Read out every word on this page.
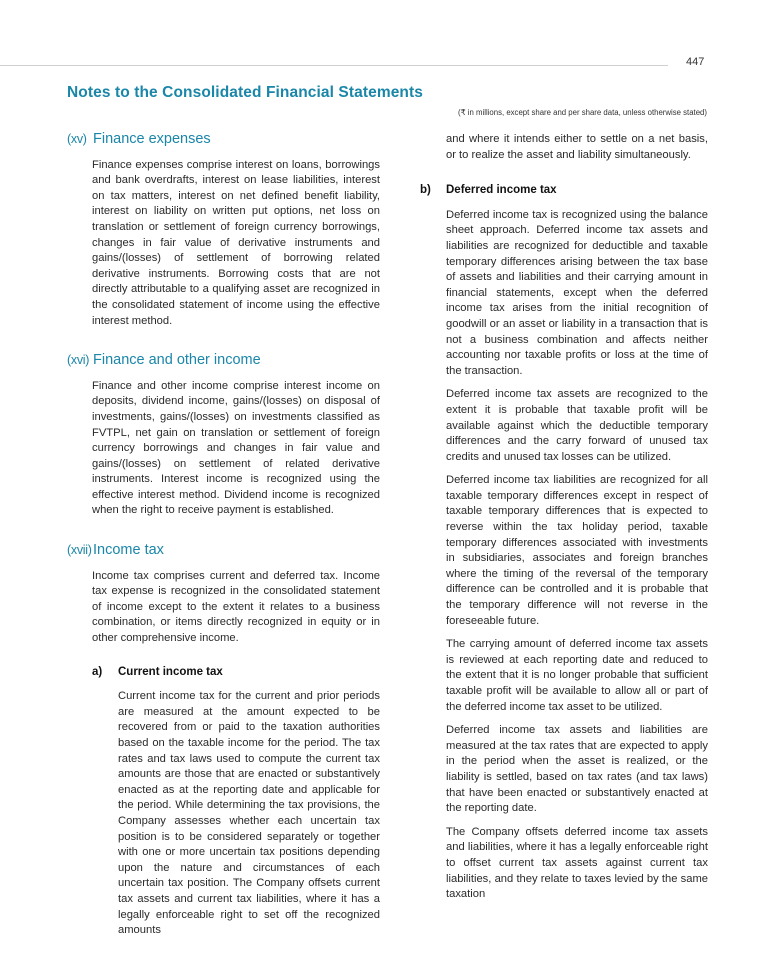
447
Notes to the Consolidated Financial Statements
(₹ in millions, except share and per share data, unless otherwise stated)
(xv) Finance expenses

Finance expenses comprise interest on loans, borrowings and bank overdrafts, interest on lease liabilities, interest on tax matters, interest on net defined benefit liability, interest on liability on written put options, net loss on translation or settlement of foreign currency borrowings, changes in fair value of derivative instruments and gains/(losses) of settlement of borrowing related derivative instruments. Borrowing costs that are not directly attributable to a qualifying asset are recognized in the consolidated statement of income using the effective interest method.

(xvi) Finance and other income

Finance and other income comprise interest income on deposits, dividend income, gains/(losses) on disposal of investments, gains/(losses) on investments classified as FVTPL, net gain on translation or settlement of foreign currency borrowings and changes in fair value and gains/(losses) on settlement of related derivative instruments. Interest income is recognized using the effective interest method. Dividend income is recognized when the right to receive payment is established.

(xvii) Income tax

Income tax comprises current and deferred tax. Income tax expense is recognized in the consolidated statement of income except to the extent it relates to a business combination, or items directly recognized in equity or in other comprehensive income.

a)	Current income tax

Current income tax for the current and prior periods are measured at the amount expected to be recovered from or paid to the taxation authorities based on the taxable income for the period. The tax rates and tax laws used to compute the current tax amounts are those that are enacted or substantively enacted as at the reporting date and applicable for the period. While determining the tax provisions, the Company assesses whether each uncertain tax position is to be considered separately or together with one or more uncertain tax positions depending upon the nature and circumstances of each uncertain tax position. The Company offsets current tax assets and current tax liabilities, where it has a legally enforceable right to set off the recognized amounts

and where it intends either to settle on a net basis, or to realize the asset and liability simultaneously.

b)	Deferred income tax

Deferred income tax is recognized using the balance sheet approach. Deferred income tax assets and liabilities are recognized for deductible and taxable temporary differences arising between the tax base of assets and liabilities and their carrying amount in financial statements, except when the deferred income tax arises from the initial recognition of goodwill or an asset or liability in a transaction that is not a business combination and affects neither accounting nor taxable profits or loss at the time of the transaction.

Deferred income tax assets are recognized to the extent it is probable that taxable profit will be available against which the deductible temporary differences and the carry forward of unused tax credits and unused tax losses can be utilized.

Deferred income tax liabilities are recognized for all taxable temporary differences except in respect of taxable temporary differences that is expected to reverse within the tax holiday period, taxable temporary differences associated with investments in subsidiaries, associates and foreign branches where the timing of the reversal of the temporary difference can be controlled and it is probable that the temporary difference will not reverse in the foreseeable future.

The carrying amount of deferred income tax assets is reviewed at each reporting date and reduced to the extent that it is no longer probable that sufficient taxable profit will be available to allow all or part of the deferred income tax asset to be utilized.

Deferred income tax assets and liabilities are measured at the tax rates that are expected to apply in the period when the asset is realized, or the liability is settled, based on tax rates (and tax laws) that have been enacted or substantively enacted at the reporting date.

The Company offsets deferred income tax assets and liabilities, where it has a legally enforceable right to offset current tax assets against current tax liabilities, and they relate to taxes levied by the same taxation
